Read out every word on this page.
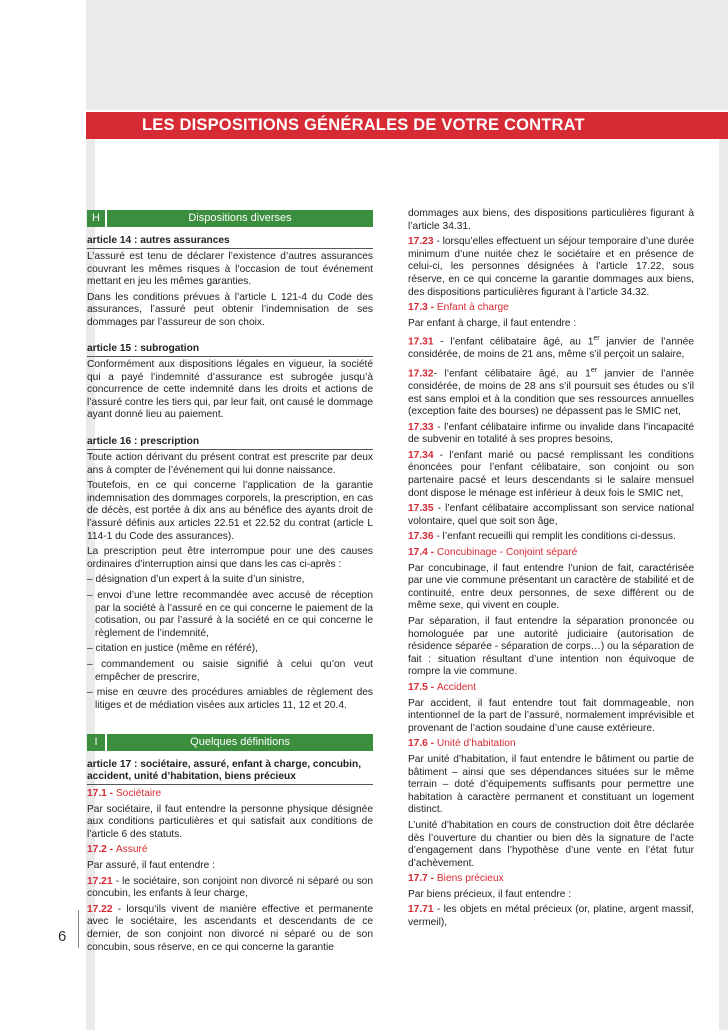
LES DISPOSITIONS GÉNÉRALES DE VOTRE CONTRAT
6
H	Dispositions diverses
article 14 : autres assurances

L’assuré est tenu de déclarer l’existence d’autres assurances couvrant les mêmes risques à l’occasion de tout événement mettant en jeu les mêmes garanties.

Dans les conditions prévues à l’article L 121-4 du Code des assurances, l’assuré peut obtenir l’indemnisation de ses dommages par l’assureur de son choix.

article 15 : subrogation

Conformément aux dispositions légales en vigueur, la société qui a payé l’indemnité d’assurance est subrogée jusqu’à concurrence de cette indemnité dans les droits et actions de l’assuré contre les tiers qui, par leur fait, ont causé le dommage ayant donné lieu au paiement.

article 16 : prescription

Toute action dérivant du présent contrat est prescrite par deux ans à compter de l’événement qui lui donne naissance.

Toutefois, en ce qui concerne l’application de la garantie indemnisation des dommages corporels, la prescription, en cas de décès, est portée à dix ans au bénéfice des ayants droit de l’assuré définis aux articles 22.51 et 22.52 du contrat (article L 114-1 du Code des assurances).

La prescription peut être interrompue pour une des causes ordinaires d’interruption ainsi que dans les cas ci-après :

– désignation d’un expert à la suite d’un sinistre,

– envoi d’une lettre recommandée avec accusé de réception par la société à l’assuré en ce qui concerne le paiement de la cotisation, ou par l’assuré à la société en ce qui concerne le règlement de l’indemnité,

– citation en justice (même en référé),

– commandement ou saisie signifié à celui qu’on veut empêcher de prescrire,

– mise en œuvre des procédures amiables de règlement des litiges et de médiation visées aux articles 11, 12 et 20.4.

I	Quelques définitions
article 17 : sociétaire, assuré, enfant à charge, concubin, accident, unité d’habitation, biens précieux

17.1 - Sociétaire

Par sociétaire, il faut entendre la personne physique désignée aux conditions particulières et qui satisfait aux conditions de l’article 6 des statuts.

17.2 - Assuré

Par assuré, il faut entendre :

17.21 - le sociétaire, son conjoint non divorcé ni séparé ou son concubin, les enfants à leur charge,

17.22 - lorsqu’ils vivent de manière effective et permanente avec le sociétaire, les ascendants et descendants de ce dernier, de son conjoint non divorcé ni séparé ou de son concubin, sous réserve, en ce qui concerne la garantie

dommages aux biens, des dispositions particulières figurant à l’article 34.31.

17.23 - lorsqu’elles effectuent un séjour temporaire d’une durée minimum d’une nuitée chez le sociétaire et en présence de celui-ci, les personnes désignées à l’article 17.22, sous réserve, en ce qui concerne la garantie dommages aux biens, des dispositions particulières figurant à l’article 34.32.

17.3 - Enfant à charge

Par enfant à charge, il faut entendre :

17.31 - l’enfant célibataire âgé, au 1er janvier de l’année considérée, de moins de 21 ans, même s’il perçoit un salaire,

17.32- l’enfant célibataire âgé, au 1er janvier de l’année considérée, de moins de 28 ans s’il poursuit ses études ou s’il est sans emploi et à la condition que ses ressources annuelles (exception faite des bourses) ne dépassent pas le SMIC net,

17.33 - l’enfant célibataire infirme ou invalide dans l’incapacité de subvenir en totalité à ses propres besoins,

17.34 - l’enfant marié ou pacsé remplissant les conditions énoncées pour l’enfant célibataire, son conjoint ou son partenaire pacsé et leurs descendants si le salaire mensuel dont dispose le ménage est inférieur à deux fois le SMIC net,

17.35 - l’enfant célibataire accomplissant son service national volontaire, quel que soit son âge,

17.36 - l’enfant recueilli qui remplit les conditions ci-dessus.

17.4 - Concubinage - Conjoint séparé

Par concubinage, il faut entendre l’union de fait, caractérisée par une vie commune présentant un caractère de stabilité et de continuité, entre deux personnes, de sexe différent ou de même sexe, qui vivent en couple.

Par séparation, il faut entendre la séparation prononcée ou homologuée par une autorité judiciaire (autorisation de résidence séparée - séparation de corps…) ou la séparation de fait : situation résultant d’une intention non équivoque de rompre la vie commune.

17.5 - Accident

Par accident, il faut entendre tout fait dommageable, non intentionnel de la part de l’assuré, normalement imprévisible et provenant de l’action soudaine d’une cause extérieure.

17.6 - Unité d’habitation

Par unité d’habitation, il faut entendre le bâtiment ou partie de bâtiment – ainsi que ses dépendances situées sur le même terrain – doté d’équipements suffisants pour permettre une habitation à caractère permanent et constituant un logement distinct.

L’unité d’habitation en cours de construction doit être déclarée dès l’ouverture du chantier ou bien dès la signature de l’acte d’engagement dans l’hypothèse d’une vente en l’état futur d’achèvement.

17.7 - Biens précieux

Par biens précieux, il faut entendre :

17.71 - les objets en métal précieux (or, platine, argent massif, vermeil),
